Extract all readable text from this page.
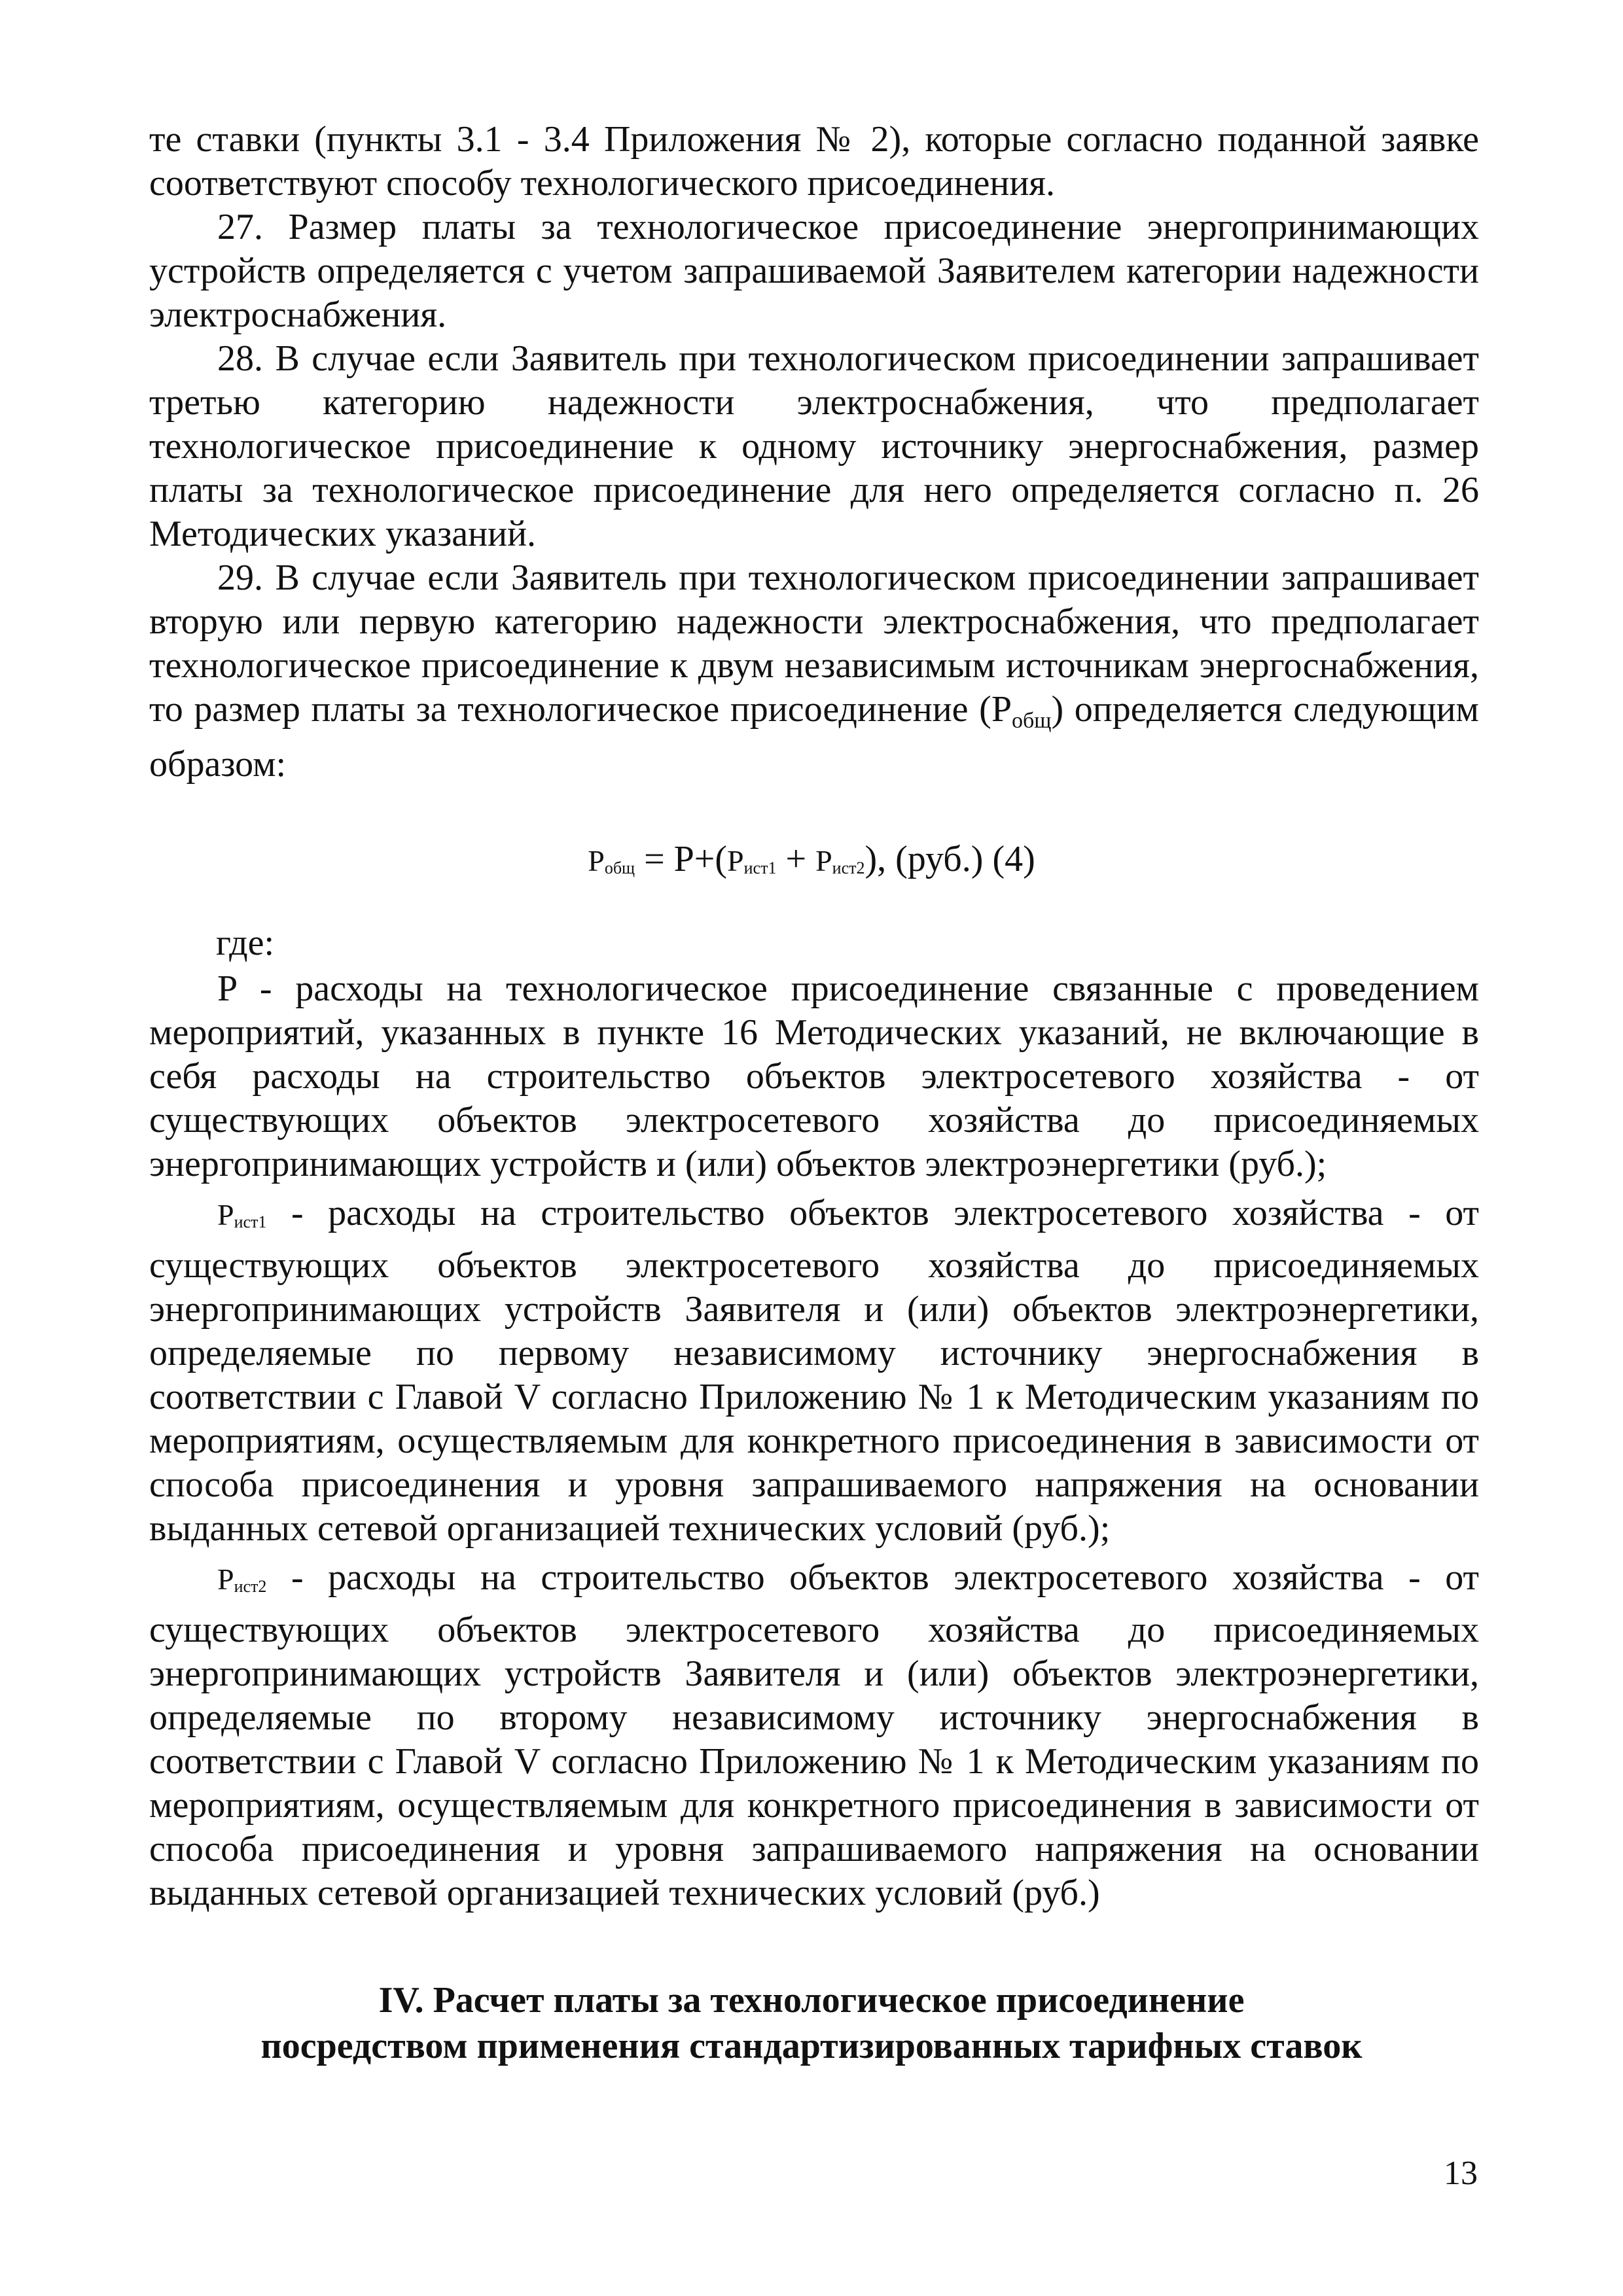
те ставки (пункты 3.1 - 3.4 Приложения № 2), которые согласно поданной заявке соответствуют способу технологического присоединения.

27. Размер платы за технологическое присоединение энергопринимающих устройств определяется с учетом запрашиваемой Заявителем категории надежности электроснабжения.

28. В случае если Заявитель при технологическом присоединении запрашивает третью категорию надежности электроснабжения, что предполагает технологическое присоединение к одному источнику энергоснабжения, размер платы за технологическое присоединение для него определяется согласно п. 26 Методических указаний.

29. В случае если Заявитель при технологическом присоединении запрашивает вторую или первую категорию надежности электроснабжения, что предполагает технологическое присоединение к двум независимым источникам энергоснабжения, то размер платы за технологическое присоединение $(P_{общ})$ определяется следующим образом:

$P_{общ} = P+(P_{ист1} + P_{ист2})$, (руб.) (4)
где:

P - расходы на технологическое присоединение связанные с проведением мероприятий, указанных в пункте 16 Методических указаний, не включающие в себя расходы на строительство объектов электросетевого хозяйства - от существующих объектов электросетевого хозяйства до присоединяемых энергопринимающих устройств и (или) объектов электроэнергетики (руб.);

$P_{ист1}$ - расходы на строительство объектов электросетевого хозяйства - от существующих объектов электросетевого хозяйства до присоединяемых энергопринимающих устройств Заявителя и (или) объектов электроэнергетики, определяемые по первому независимому источнику энергоснабжения в соответствии с Главой V согласно Приложению № 1 к Методическим указаниям по мероприятиям, осуществляемым для конкретного присоединения в зависимости от способа присоединения и уровня запрашиваемого напряжения на основании выданных сетевой организацией технических условий (руб.);

$P_{ист2}$ - расходы на строительство объектов электросетевого хозяйства - от существующих объектов электросетевого хозяйства до присоединяемых энергопринимающих устройств Заявителя и (или) объектов электроэнергетики, определяемые по второму независимому источнику энергоснабжения в соответствии с Главой V согласно Приложению № 1 к Методическим указаниям по мероприятиям, осуществляемым для конкретного присоединения в зависимости от способа присоединения и уровня запрашиваемого напряжения на основании выданных сетевой организацией технических условий (руб.)

IV. Расчет платы за технологическое присоединение
посредством применения стандартизированных тарифных ставок
13
